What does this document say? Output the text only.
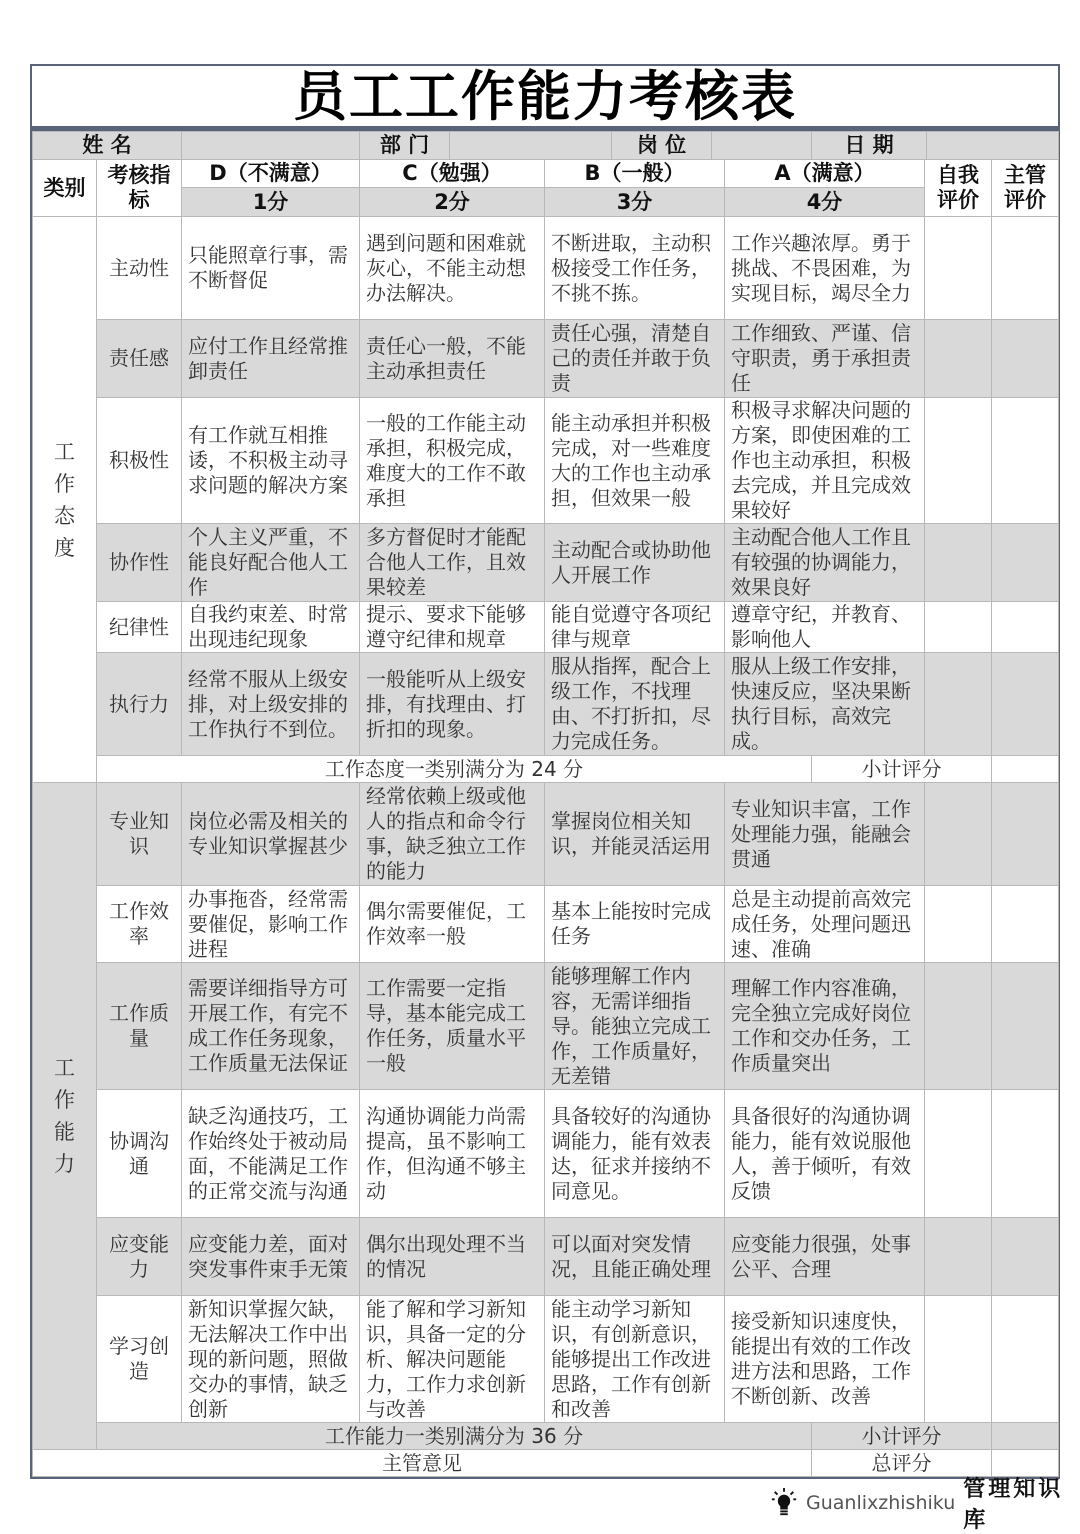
员工工作能力考核表
姓 名 部 门 岗 位 日 期							

类别	考核指标	D（不满意）	C（勉强）	B（一般）	A（满意）	自我评价	主管评价
		1分	2分	3分	4分		
工作态度	主动性	只能照章行事，需不断督促	遇到问题和困难就灰心，不能主动想办法解决。	不断进取，主动积极接受工作任务，不挑不拣。	工作兴趣浓厚。勇于挑战、不畏困难，为实现目标，竭尽全力		
	责任感	应付工作且经常推卸责任	责任心一般，不能主动承担责任	责任心强，清楚自己的责任并敢于负责	工作细致、严谨、信守职责，勇于承担责任		
	积极性	有工作就互相推诿，不积极主动寻求问题的解决方案	一般的工作能主动承担，积极完成，难度大的工作不敢承担	能主动承担并积极完成，对一些难度大的工作也主动承担，但效果一般	积极寻求解决问题的方案，即使困难的工作也主动承担，积极去完成，并且完成效果较好		
	协作性	个人主义严重，不能良好配合他人工作	多方督促时才能配合他人工作，且效果较差	主动配合或协助他人开展工作	主动配合他人工作且有较强的协调能力，效果良好		
	纪律性	自我约束差、时常出现违纪现象	提示、要求下能够遵守纪律和规章	能自觉遵守各项纪律与规章	遵章守纪，并教育、影响他人		
	执行力	经常不服从上级安排，对上级安排的工作执行不到位。	一般能听从上级安排，有找理由、打折扣的现象。	服从指挥，配合上级工作，不找理由、不打折扣，尽力完成任务。	服从上级工作安排，快速反应，坚决果断执行目标，高效完成。		

工作态度一类别满分为 24 分 小计评分						

工作能力	专业知识	岗位必需及相关的专业知识掌握甚少	经常依赖上级或他人的指点和命令行事，缺乏独立工作的能力	掌握岗位相关知识，并能灵活运用	专业知识丰富，工作处理能力强，能融会贯通		
	工作效率	办事拖沓，经常需要催促，影响工作进程	偶尔需要催促，工作效率一般	基本上能按时完成任务	总是主动提前高效完成任务，处理问题迅速、准确		
	工作质量	需要详细指导方可开展工作，有完不成工作任务现象，工作质量无法保证	工作需要一定指导，基本能完成工作任务，质量水平一般	能够理解工作内容，无需详细指导。能独立完成工作，工作质量好，无差错	理解工作内容准确，完全独立完成好岗位工作和交办任务，工作质量突出		
	协调沟通	缺乏沟通技巧，工作始终处于被动局面，不能满足工作的正常交流与沟通	沟通协调能力尚需提高，虽不影响工作，但沟通不够主动	具备较好的沟通协调能力，能有效表达，征求并接纳不同意见。	具备很好的沟通协调能力，能有效说服他人，善于倾听，有效反馈		
	应变能力	应变能力差，面对突发事件束手无策	偶尔出现处理不当的情况	可以面对突发情况，且能正确处理	应变能力很强，处事公平、合理		
	学习创造	新知识掌握欠缺，无法解决工作中出现的新问题，照做交办的事情，缺乏创新	能了解和学习新知识，具备一定的分析、解决问题能力，工作力求创新与改善	能主动学习新知识，有创新意识，能够提出工作改进思路，工作有创新和改善	接受新知识速度快，能提出有效的工作改进方法和思路，工作不断创新、改善		

工作能力一类别满分为 36 分 小计评分						

主管意见 总评分							
Guanlixzhishiku
管理知识库
